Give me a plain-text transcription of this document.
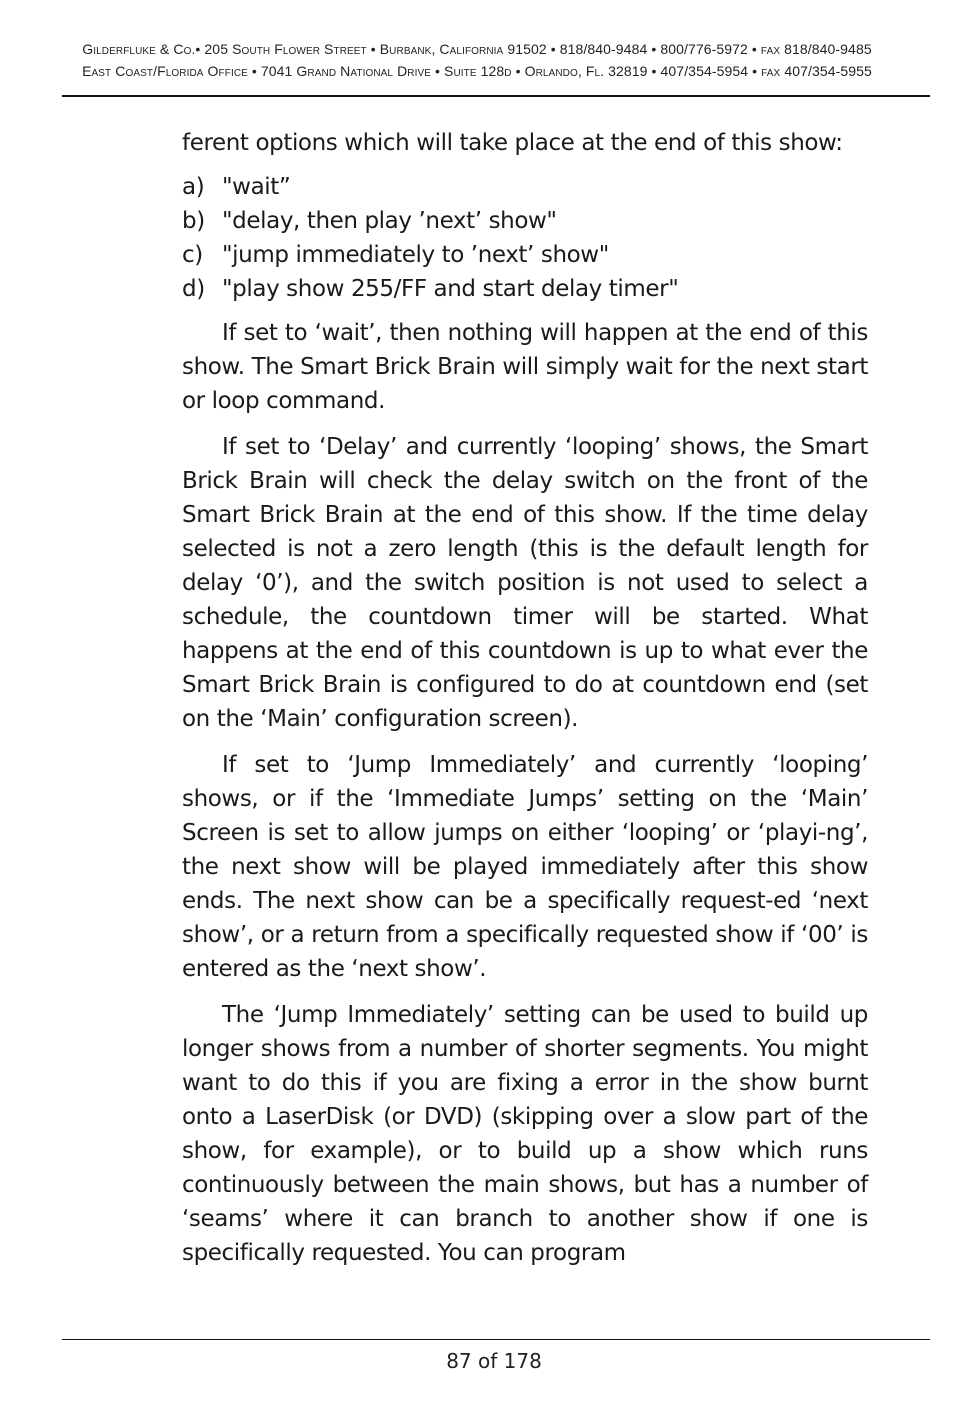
Gilderfluke & Co.• 205 South Flower Street • Burbank, California 91502 • 818/840-9484 • 800/776-5972 • fax 818/840-9485
East Coast/Florida Office • 7041 Grand National Drive • Suite 128d • Orlando, Fl. 32819 • 407/354-5954 • fax 407/354-5955

ferent options which will take place at the end of this show:

a) "wait”
b) "delay, then play ’next’ show"
c) "jump immediately to ’next’ show"
d) "play show 255/FF and start delay timer"

If set to ‘wait’, then nothing will happen at the end of this show. The Smart Brick Brain will simply wait for the next start or loop command.

If set to ‘Delay’ and currently ‘looping’ shows, the Smart Brick Brain will check the delay switch on the front of the Smart Brick Brain at the end of this show. If the time delay selected is not a zero length (this is the default length for delay ‘0’), and the switch position is not used to select a schedule, the countdown timer will be started. What happens at the end of this countdown is up to what ever the Smart Brick Brain is configured to do at countdown end (set on the ‘Main’ configuration screen).

If set to ‘Jump Immediately’ and currently ‘looping’ shows, or if the ‘Immediate Jumps’ setting on the ‘Main’ Screen is set to allow jumps on either ‘looping’ or ‘playi-ng’, the next show will be played immediately after this show ends. The next show can be a specifically request-ed ‘next show’, or a return from a specifically requested show if ‘00’ is entered as the ‘next show’.

The ‘Jump Immediately’ setting can be used to build up longer shows from a number of shorter segments. You might want to do this if you are fixing a error in the show burnt onto a LaserDisk (or DVD) (skipping over a slow part of the show, for example), or to build up a show which runs continuously between the main shows, but has a number of ‘seams’ where it can branch to another show if one is specifically requested. You can program

87 of 178
